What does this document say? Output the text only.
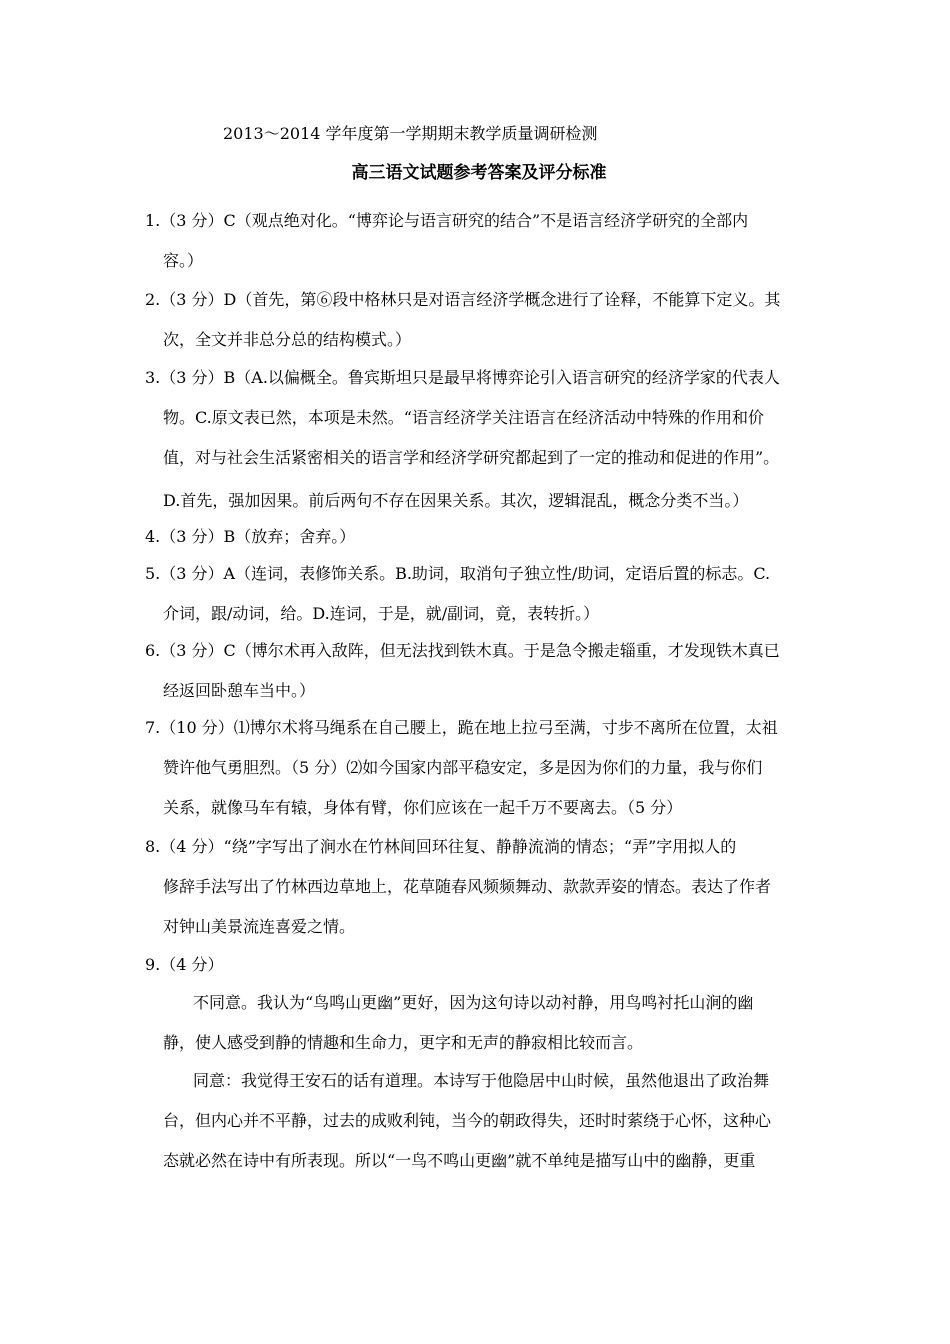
2013～2014 学年度第一学期期末教学质量调研检测
高三语文试题参考答案及评分标准
1.（3 分）C（观点绝对化。“博弈论与语言研究的结合”不是语言经济学研究的全部内
容。）
2.（3 分）D（首先，第⑥段中格林只是对语言经济学概念进行了诠释，不能算下定义。其
次，全文并非总分总的结构模式。）
3.（3 分）B（A.以偏概全。鲁宾斯坦只是最早将博弈论引入语言研究的经济学家的代表人
物。C.原文表已然，本项是未然。“语言经济学关注语言在经济活动中特殊的作用和价
值，对与社会生活紧密相关的语言学和经济学研究都起到了一定的推动和促进的作用”。
D.首先，强加因果。前后两句不存在因果关系。其次，逻辑混乱，概念分类不当。）
4.（3 分）B（放弃；舍弃。）
5.（3 分）A（连词，表修饰关系。B.助词，取消句子独立性/助词，定语后置的标志。C.
介词，跟/动词，给。D.连词，于是，就/副词，竟，表转折。）
6.（3 分）C（博尔术再入敌阵，但无法找到铁木真。于是急令搬走辎重，才发现铁木真已
经返回卧憩车当中。）
7.（10 分）⑴博尔术将马绳系在自己腰上，跪在地上拉弓至满，寸步不离所在位置，太祖
赞许他气勇胆烈。（5 分）⑵如今国家内部平稳安定，多是因为你们的力量，我与你们
关系，就像马车有辕，身体有臂，你们应该在一起千万不要离去。（5 分）
8.（4 分）“绕”字写出了涧水在竹林间回环往复、静静流淌的情态；“弄”字用拟人的
修辞手法写出了竹林西边草地上，花草随春风频频舞动、款款弄姿的情态。表达了作者
对钟山美景流连喜爱之情。
9.（4 分）
不同意。我认为“鸟鸣山更幽”更好，因为这句诗以动衬静，用鸟鸣衬托山涧的幽
静，使人感受到静的情趣和生命力，更字和无声的静寂相比较而言。
同意：我觉得王安石的话有道理。本诗写于他隐居中山时候，虽然他退出了政治舞
台，但内心并不平静，过去的成败利钝，当今的朝政得失，还时时萦绕于心怀，这种心
态就必然在诗中有所表现。所以“一鸟不鸣山更幽”就不单纯是描写山中的幽静，更重
